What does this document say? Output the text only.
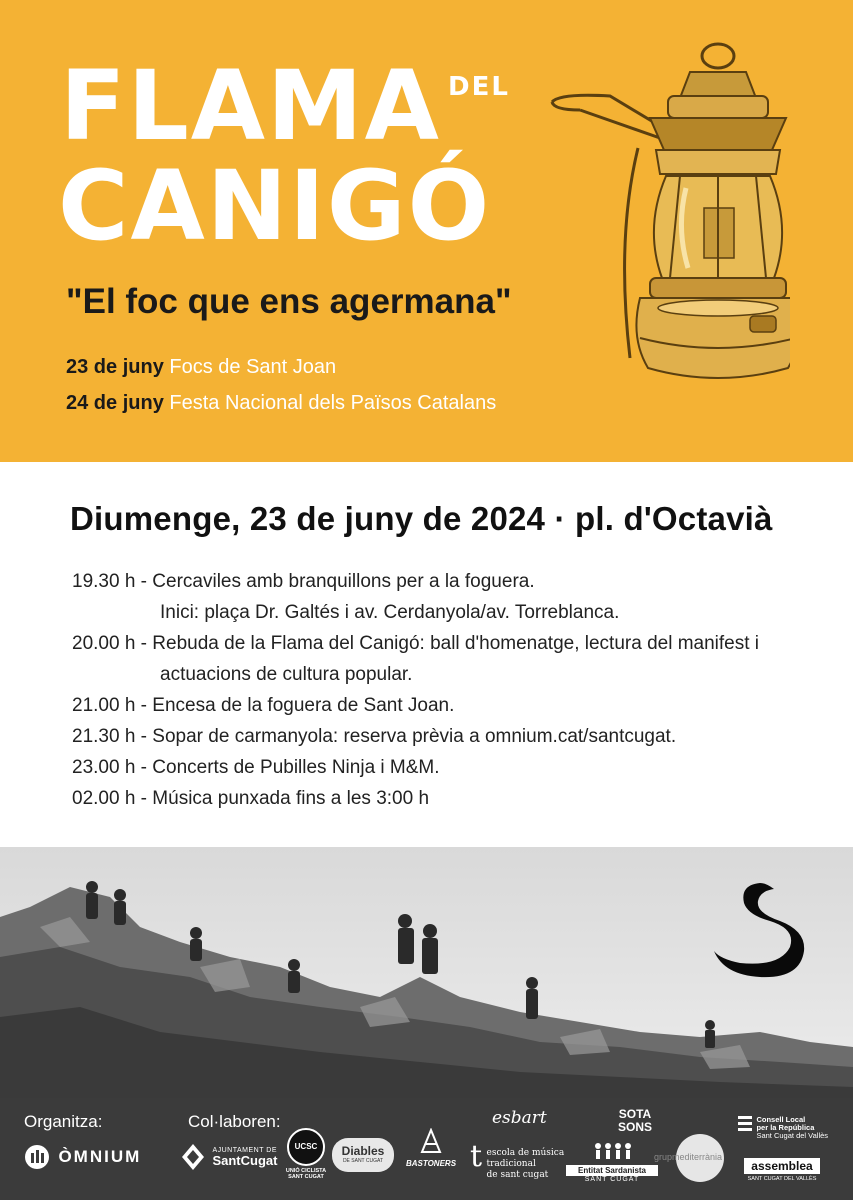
FLAMA DEL
CANIGÓ
"El foc que ens agermana"
23 de juny Focs de Sant Joan
24 de juny Festa Nacional dels Països Catalans
Diumenge, 23 de juny de 2024 · pl. d'Octavià
19.30 h - Cercaviles amb branquillons per a la foguera.
Inici: plaça Dr. Galtés i av. Cerdanyola/av. Torreblanca.
20.00 h - Rebuda de la Flama del Canigó: ball d'homenatge, lectura del manifest i
actuacions de cultura popular.
21.00 h - Encesa de la foguera de Sant Joan.
21.30 h - Sopar de carmanyola: reserva prèvia a omnium.cat/santcugat.
23.00 h - Concerts de Pubilles Ninja i M&M.
02.00 h - Música punxada fins a les 3:00 h
Organitza:	Col·laboren:
ÒMNIUM
	AJUNTAMENT DE
SantCugat
UCSC
UNIÓ CICLISTA
SANT CUGAT
Diables
DE SANT CUGAT	BASTONERS
esbart
t escola de música
tradicional
de sant cugat
SOTA
SONS
Entitat Sardanista
SANT CUGAT
grupmediterrània

Consell Local
per la República
Sant Cugat del Vallès
assemblea
SANT CUGAT DEL VALLÈS
